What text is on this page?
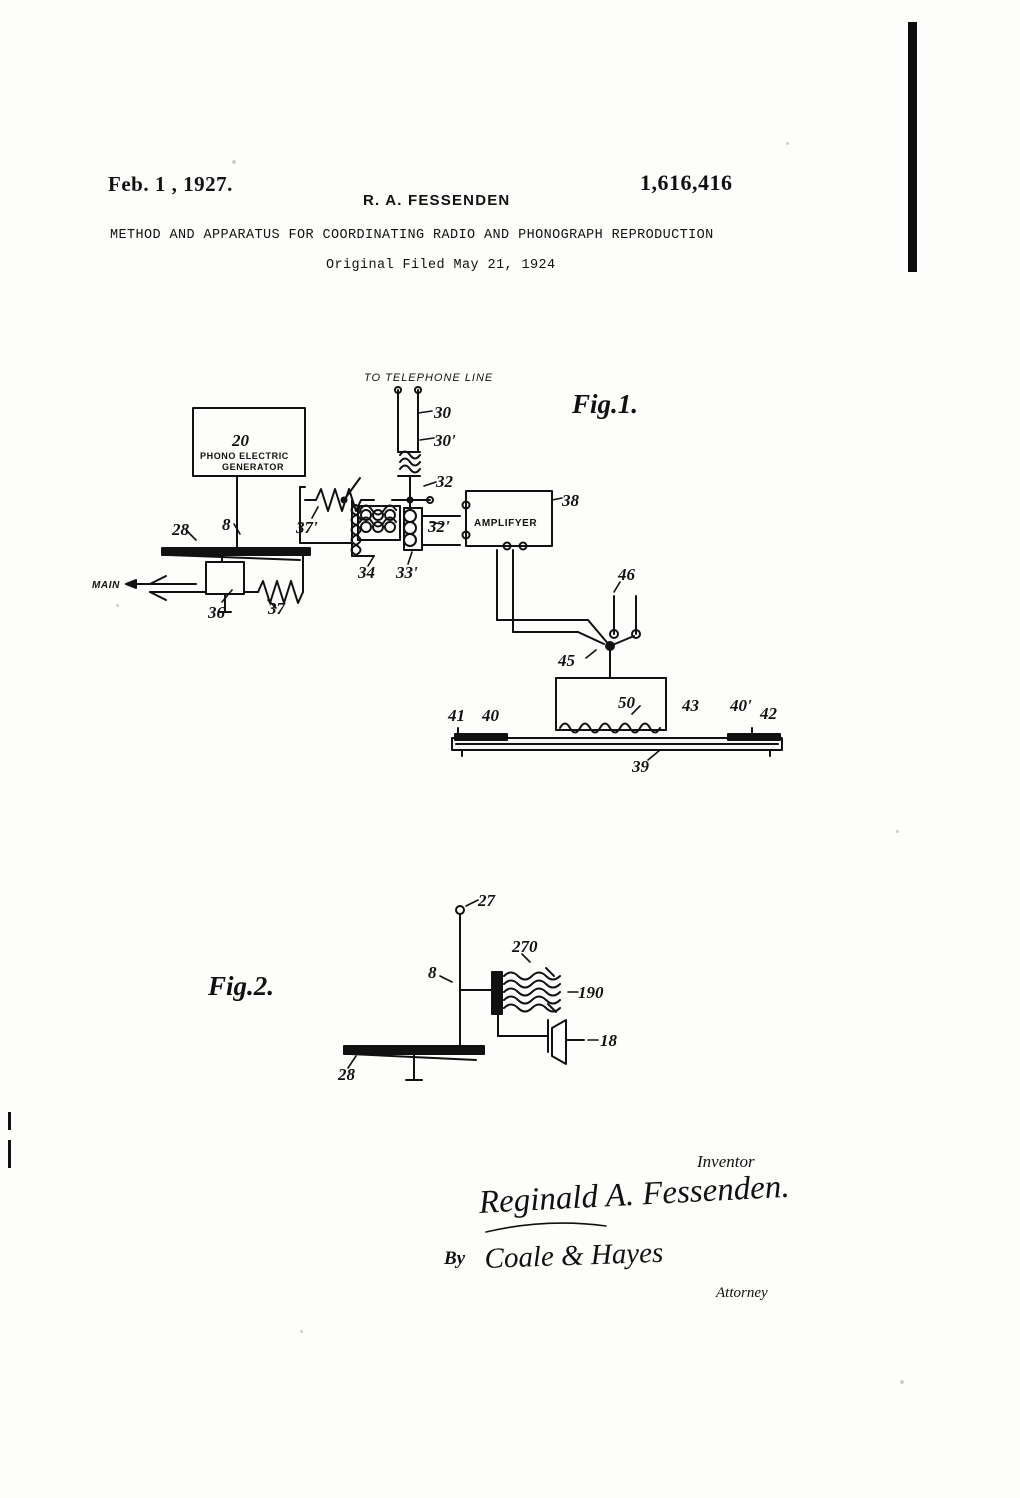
Feb. 1 , 1927.	1,616,416
R. A. FESSENDEN
METHOD AND APPARATUS FOR COORDINATING RADIO AND PHONOGRAPH REPRODUCTION
Original Filed May 21, 1924
Fig.1.
TO TELEPHONE LINE
20
PHONO ELECTRIC
GENERATOR
MAIN
AMPLIFYER
30
30'
32
32'
37'
34 33'
38
46
45
50
39
41 40
43 40' 42
28 8
36	37
Fig.2.
27
8
270
190
18
28
Inventor
Reginald A. Fessenden.
By Coale & Hayes
Attorney
